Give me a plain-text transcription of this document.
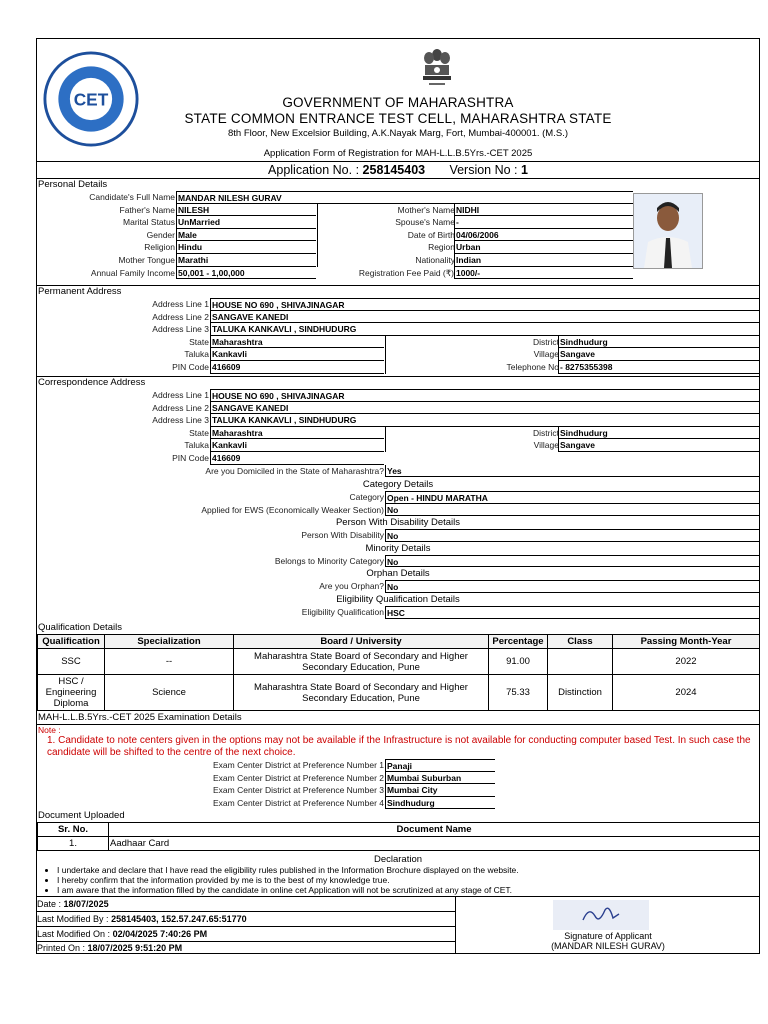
CET	GOVERNMENT OF MAHARASHTRA
STATE COMMON ENTRANCE TEST CELL, MAHARASHTRA STATE
8th Floor, New Excelsior Building, A.K.Nayak Marg, Fort, Mumbai-400001. (M.S.)
Application Form of Registration for MAH-L.L.B.5Yrs.-CET 2025
Application No. : 258145403 Version No : 1
Personal Details
Candidate's Full Name MANDAR NILESH GURAV
Father's Name NILESH	Mother's Name NIDHI
Marital Status UnMarried	Spouse's Name -
Gender Male	Date of Birth 04/06/2006
Religion Hindu	Region Urban
Mother Tongue Marathi	Nationality Indian
Annual Family Income 50,001 - 1,00,000	Registration Fee Paid (₹) 1000/-
Permanent Address
Address Line 1 HOUSE NO 690 , SHIVAJINAGAR
Address Line 2 SANGAVE KANEDI
Address Line 3 TALUKA KANKAVLI , SINDHUDURG
State Maharashtra	District Sindhudurg
Taluka Kankavli	Village Sangave
PIN Code 416609	Telephone No - 8275355398
Correspondence Address
Address Line 1 HOUSE NO 690 , SHIVAJINAGAR
Address Line 2 SANGAVE KANEDI
Address Line 3 TALUKA KANKAVLI , SINDHUDURG
State Maharashtra	District Sindhudurg
Taluka Kankavli	Village Sangave
PIN Code 416609
Are you Domiciled in the State of Maharashtra? Yes
Category Details
Category Open - HINDU MARATHA
Applied for EWS (Economically Weaker Section) No
Person With Disability Details
Person With Disability No
Minority Details
Belongs to Minority Category No
Orphan Details
Are you Orphan? No
Eligibility Qualification Details
Eligibility Qualification HSC
Qualification Details
Qualification	Specialization	Board / University	Percentage	Class	Passing Month-Year
SSC	--	Maharashtra State Board of Secondary and Higher Secondary Education, Pune	91.00		2022
HSC / Engineering Diploma	Science	Maharashtra State Board of Secondary and Higher Secondary Education, Pune	75.33	Distinction	2024
MAH-L.L.B.5Yrs.-CET 2025 Examination Details
Note :
1. Candidate to note centers given in the options may not be available if the Infrastructure is not available for conducting computer based Test. In such case the candidate will be shifted to the centre of the next choice.
Exam Center District at Preference Number 1 Panaji
Exam Center District at Preference Number 2 Mumbai Suburban
Exam Center District at Preference Number 3 Mumbai City
Exam Center District at Preference Number 4 Sindhudurg
Document Uploaded
Sr. No.	Document Name
1.	Aadhaar Card
Declaration
• I undertake and declare that I have read the eligibility rules published in the Information Brochure displayed on the website.
• I hereby confirm that the information provided by me is to the best of my knowledge true.
• I am aware that the information filled by the candidate in online cet Application will not be scrutinized at any stage of CET.
Date : 18/07/2025
Last Modified By : 258145403, 152.57.247.65:51770
Last Modified On : 02/04/2025 7:40:26 PM
Printed On : 18/07/2025 9:51:20 PM
Signature of Applicant
(MANDAR NILESH GURAV)
